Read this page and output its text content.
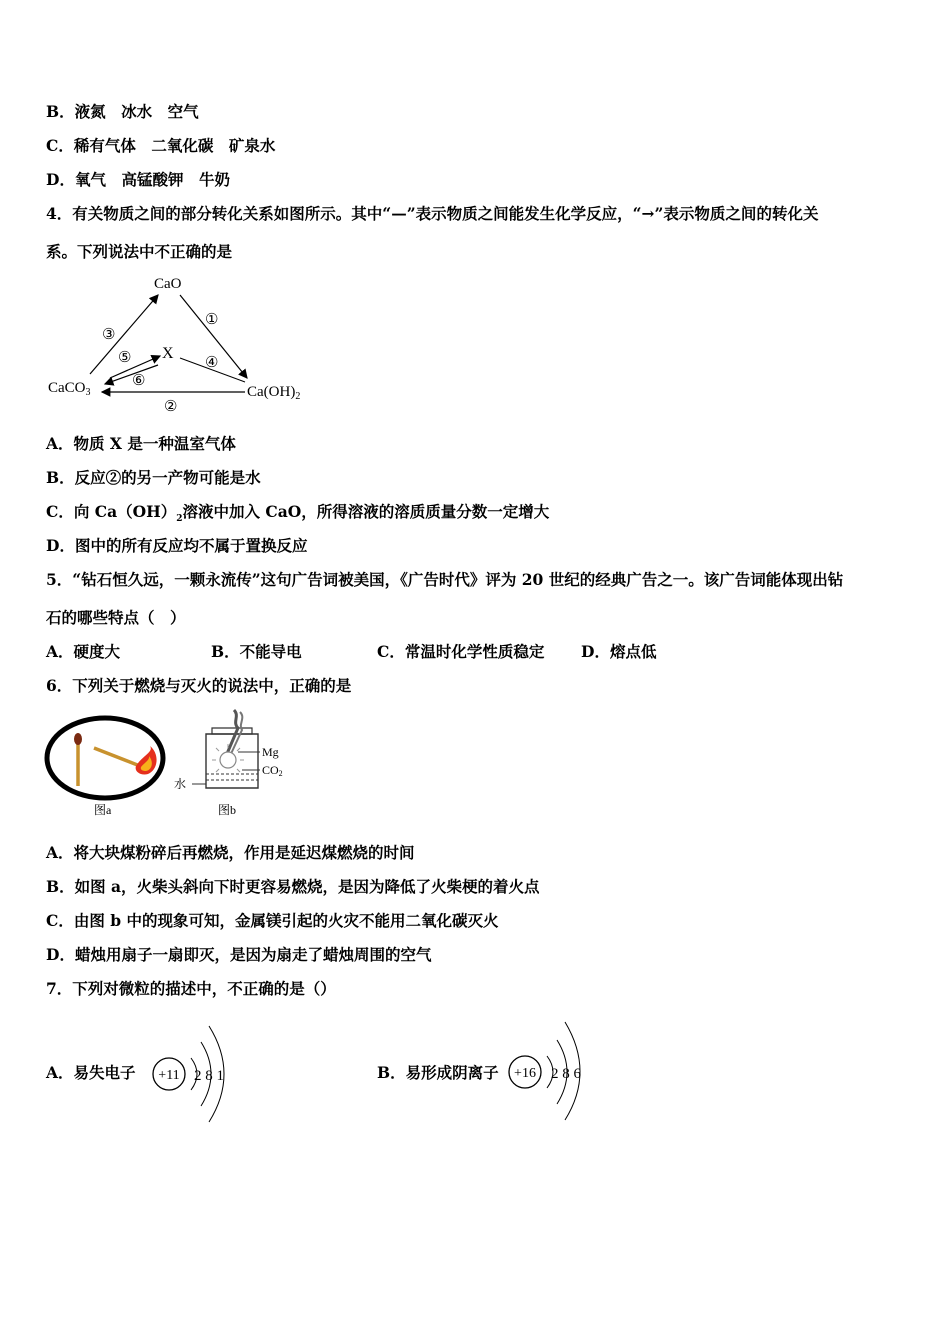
B．液氮　冰水　空气
C．稀有气体　二氧化碳　矿泉水
D．氧气　高锰酸钾　牛奶
4．有关物质之间的部分转化关系如图所示。其中“—”表示物质之间能发生化学反应，“→”表示物质之间的转化关
系。下列说法中不正确的是
CaO
X
CaCO$_3$	$Ca(OH)_2$
①
②
③
④
⑤
⑥
A．物质 X 是一种温室气体
B．反应②的另一产物可能是水
C．向 $Ca(OH)_2$溶液中加入 CaO，所得溶液的溶质质量分数一定增大
D．图中的所有反应均不属于置换反应
5．“钻石恒久远，一颗永流传”这句广告词被美国，《广告时代》评为 20 世纪的经典广告之一。该广告词能体现出钻
石的哪些特点（　）
A．硬度大	B．不能导电	C．常温时化学性质稳定 D．熔点低
6．下列关于燃烧与灭火的说法中，正确的是
图a
Mg
CO2
水
图b
A．将大块煤粉碎后再燃烧，作用是延迟煤燃烧的时间
B．如图 a，火柴头斜向下时更容易燃烧，是因为降低了火柴梗的着火点
C．由图 b 中的现象可知，金属镁引起的火灾不能用二氧化碳灭火
D．蜡烛用扇子一扇即灭，是因为扇走了蜡烛周围的空气
7．下列对微粒的描述中，不正确的是（）
A．易失电子 +11 2 8 1	B．易形成阴离子 +16 2 8 6
